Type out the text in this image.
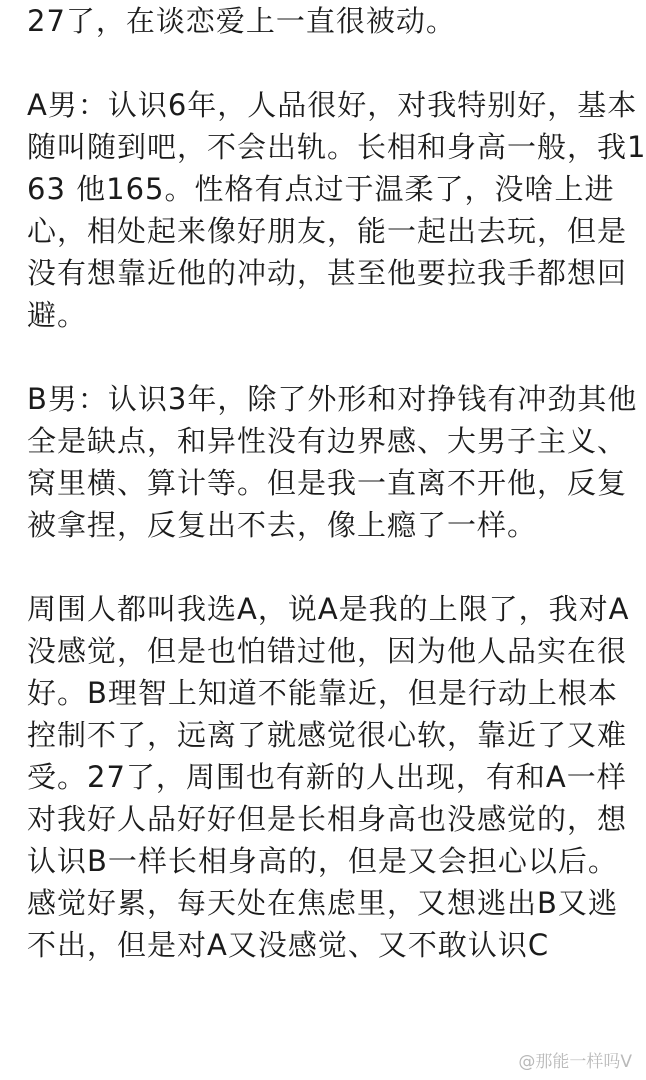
27了，在谈恋爱上一直很被动。
A男：认识6年，人品很好，对我特别好，基本
随叫随到吧，不会出轨。长相和身高一般，我1
63 他165。性格有点过于温柔了，没啥上进
心，相处起来像好朋友，能一起出去玩，但是
没有想靠近他的冲动，甚至他要拉我手都想回
避。
B男：认识3年，除了外形和对挣钱有冲劲其他
全是缺点，和异性没有边界感、大男子主义、
窝里横、算计等。但是我一直离不开他，反复
被拿捏，反复出不去，像上瘾了一样。
周围人都叫我选A，说A是我的上限了，我对A
没感觉，但是也怕错过他，因为他人品实在很
好。B理智上知道不能靠近，但是行动上根本
控制不了，远离了就感觉很心软，靠近了又难
受。27了，周围也有新的人出现，有和A一样
对我好人品好好但是长相身高也没感觉的，想
认识B一样长相身高的，但是又会担心以后。
感觉好累，每天处在焦虑里，又想逃出B又逃
不出，但是对A又没感觉、又不敢认识C
@那能一样吗V
